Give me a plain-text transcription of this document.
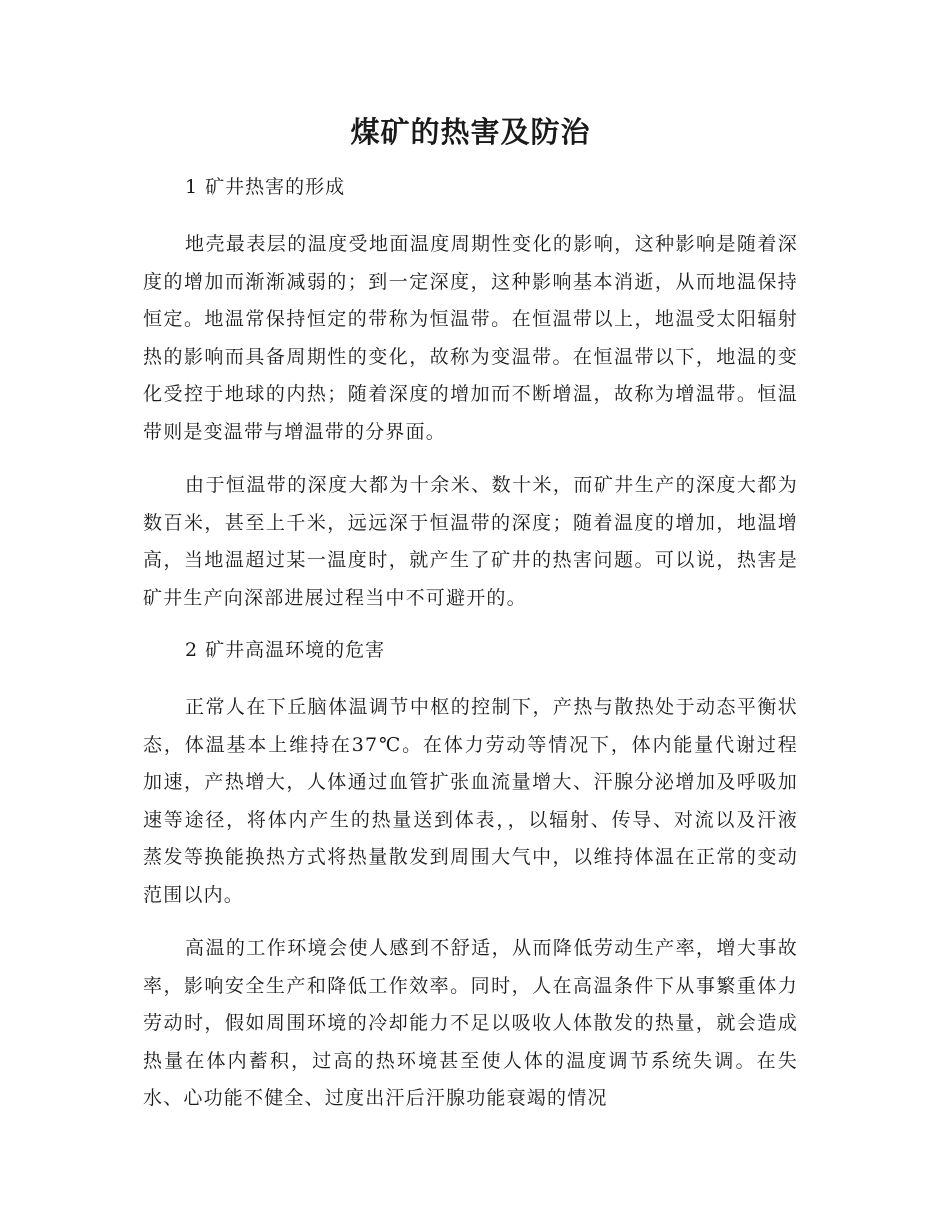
煤矿的热害及防治
1 矿井热害的形成

地壳最表层的温度受地面温度周期性变化的影响，这种影响是随着深度的增加而渐渐减弱的；到一定深度，这种影响基本消逝，从而地温保持恒定。地温常保持恒定的带称为恒温带。在恒温带以上，地温受太阳辐射热的影响而具备周期性的变化，故称为变温带。在恒温带以下，地温的变化受控于地球的内热；随着深度的增加而不断增温，故称为增温带。恒温带则是变温带与增温带的分界面。

由于恒温带的深度大都为十余米、数十米，而矿井生产的深度大都为数百米，甚至上千米，远远深于恒温带的深度；随着温度的增加，地温增高，当地温超过某一温度时，就产生了矿井的热害问题。可以说，热害是矿井生产向深部进展过程当中不可避开的。

2 矿井高温环境的危害

正常人在下丘脑体温调节中枢的控制下，产热与散热处于动态平衡状态，体温基本上维持在37℃。在体力劳动等情况下，体内能量代谢过程加速，产热增大，人体通过血管扩张血流量增大、汗腺分泌增加及呼吸加速等途径，将体内产生的热量送到体表，，以辐射、传导、对流以及汗液蒸发等换能换热方式将热量散发到周围大气中，以维持体温在正常的变动范围以内。

高温的工作环境会使人感到不舒适，从而降低劳动生产率，增大事故率，影响安全生产和降低工作效率。同时，人在高温条件下从事繁重体力劳动时，假如周围环境的冷却能力不足以吸收人体散发的热量，就会造成热量在体内蓄积，过高的热环境甚至使人体的温度调节系统失调。在失水、心功能不健全、过度出汗后汗腺功能衰竭的情况
